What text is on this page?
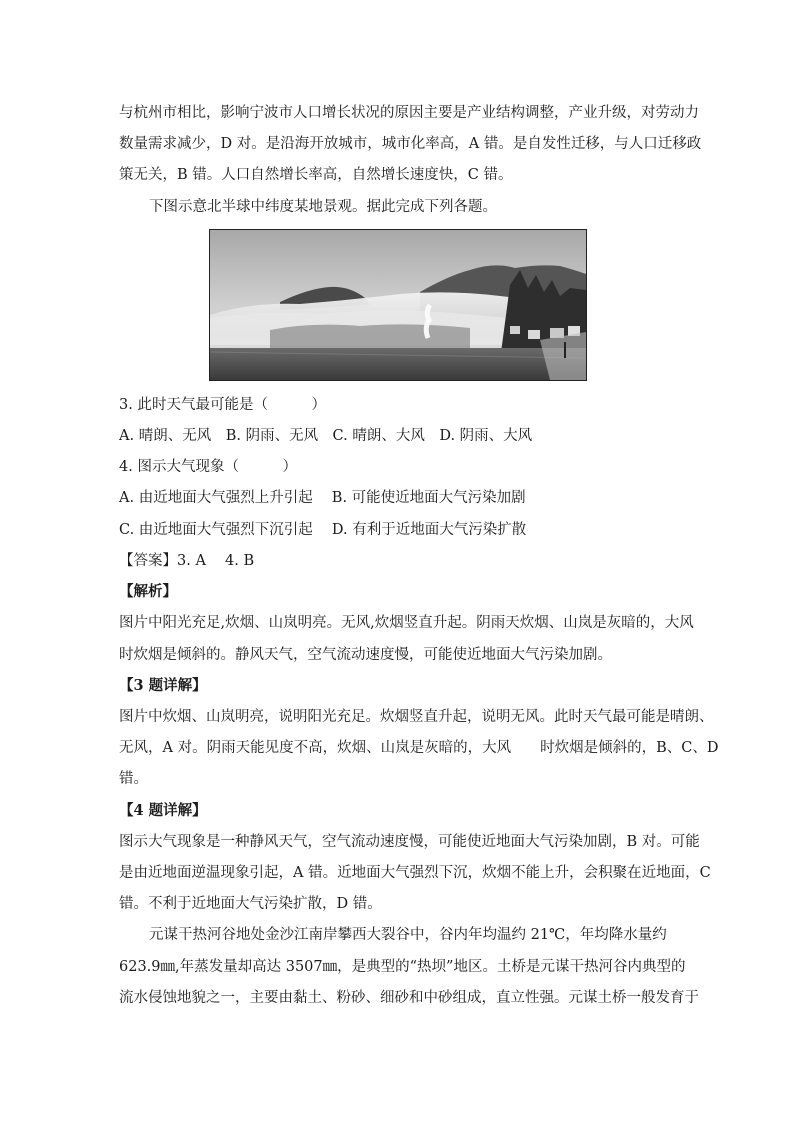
与杭州市相比，影响宁波市人口增长状况的原因主要是产业结构调整，产业升级，对劳动力
数量需求减少，D 对。是沿海开放城市，城市化率高，A 错。是自发性迁移，与人口迁移政
策无关，B 错。人口自然增长率高，自然增长速度快，C 错。
下图示意北半球中纬度某地景观。据此完成下列各题。
3. 此时天气最可能是（　　　）
A. 晴朗、无风　B. 阴雨、无风　C. 晴朗、大风　D. 阴雨、大风
4. 图示大气现象（　　　）
A. 由近地面大气强烈上升引起　 B. 可能使近地面大气污染加剧
C. 由近地面大气强烈下沉引起　 D. 有利于近地面大气污染扩散
【答案】3. A　 4. B
【解析】
图片中阳光充足,炊烟、山岚明亮。无风,炊烟竖直升起。阴雨天炊烟、山岚是灰暗的，大风
时炊烟是倾斜的。静风天气，空气流动速度慢，可能使近地面大气污染加剧。
【3 题详解】
图片中炊烟、山岚明亮，说明阳光充足。炊烟竖直升起，说明无风。此时天气最可能是晴朗、
无风，A 对。阴雨天能见度不高，炊烟、山岚是灰暗的，大风　　时炊烟是倾斜的，B、C、D
错。
【4 题详解】
图示大气现象是一种静风天气，空气流动速度慢，可能使近地面大气污染加剧，B 对。可能
是由近地面逆温现象引起，A 错。近地面大气强烈下沉，炊烟不能上升，会积聚在近地面，C
错。不利于近地面大气污染扩散，D 错。
元谋干热河谷地处金沙江南岸攀西大裂谷中，谷内年均温约 21℃，年均降水量约
623.9㎜,年蒸发量却高达 3507㎜，是典型的“热坝”地区。土桥是元谋干热河谷内典型的
流水侵蚀地貌之一，主要由黏土、粉砂、细砂和中砂组成，直立性强。元谋土桥一般发育于
